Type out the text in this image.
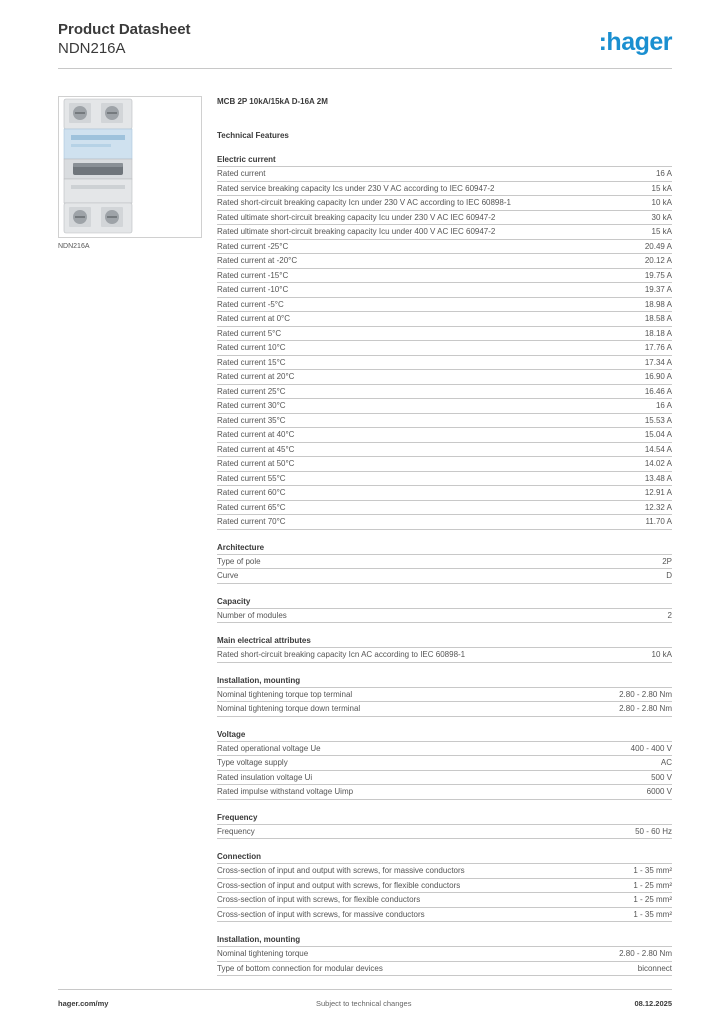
Product Datasheet
NDN216A	:hager
NDN216A
MCB 2P 10kA/15kA D-16A 2M
Technical Features
Electric current
Rated current	16 A
Rated service breaking capacity Ics under 230 V AC according to IEC 60947-2	15 kA
Rated short-circuit breaking capacity Icn under 230 V AC according to IEC 60898-1	10 kA
Rated ultimate short-circuit breaking capacity Icu under 230 V AC IEC 60947-2	30 kA
Rated ultimate short-circuit breaking capacity Icu under 400 V AC IEC 60947-2	15 kA
Rated current -25°C	20.49 A
Rated current at -20°C	20.12 A
Rated current -15°C	19.75 A
Rated current -10°C	19.37 A
Rated current -5°C	18.98 A
Rated current at 0°C	18.58 A
Rated current 5°C	18.18 A
Rated current 10°C	17.76 A
Rated current 15°C	17.34 A
Rated current at 20°C	16.90 A
Rated current 25°C	16.46 A
Rated current 30°C	16 A
Rated current 35°C	15.53 A
Rated current at 40°C	15.04 A
Rated current at 45°C	14.54 A
Rated current at 50°C	14.02 A
Rated current 55°C	13.48 A
Rated current 60°C	12.91 A
Rated current 65°C	12.32 A
Rated current 70°C	11.70 A
Architecture
Type of pole	2P
Curve	D
Capacity
Number of modules	2
Main electrical attributes
Rated short-circuit breaking capacity Icn AC according to IEC 60898-1	10 kA
Installation, mounting
Nominal tightening torque top terminal	2.80 - 2.80 Nm
Nominal tightening torque down terminal	2.80 - 2.80 Nm
Voltage
Rated operational voltage Ue	400 - 400 V
Type voltage supply	AC
Rated insulation voltage Ui	500 V
Rated impulse withstand voltage Uimp	6000 V
Frequency
Frequency	50 - 60 Hz
Connection
Cross-section of input and output with screws, for massive conductors	1 - 35 mm²
Cross-section of input and output with screws, for flexible conductors	1 - 25 mm²
Cross-section of input with screws, for flexible conductors	1 - 25 mm²
Cross-section of input with screws, for massive conductors	1 - 35 mm²
Installation, mounting
Nominal tightening torque	2.80 - 2.80 Nm
Type of bottom connection for modular devices	biconnect
hager.com/my	Subject to technical changes	08.12.2025
